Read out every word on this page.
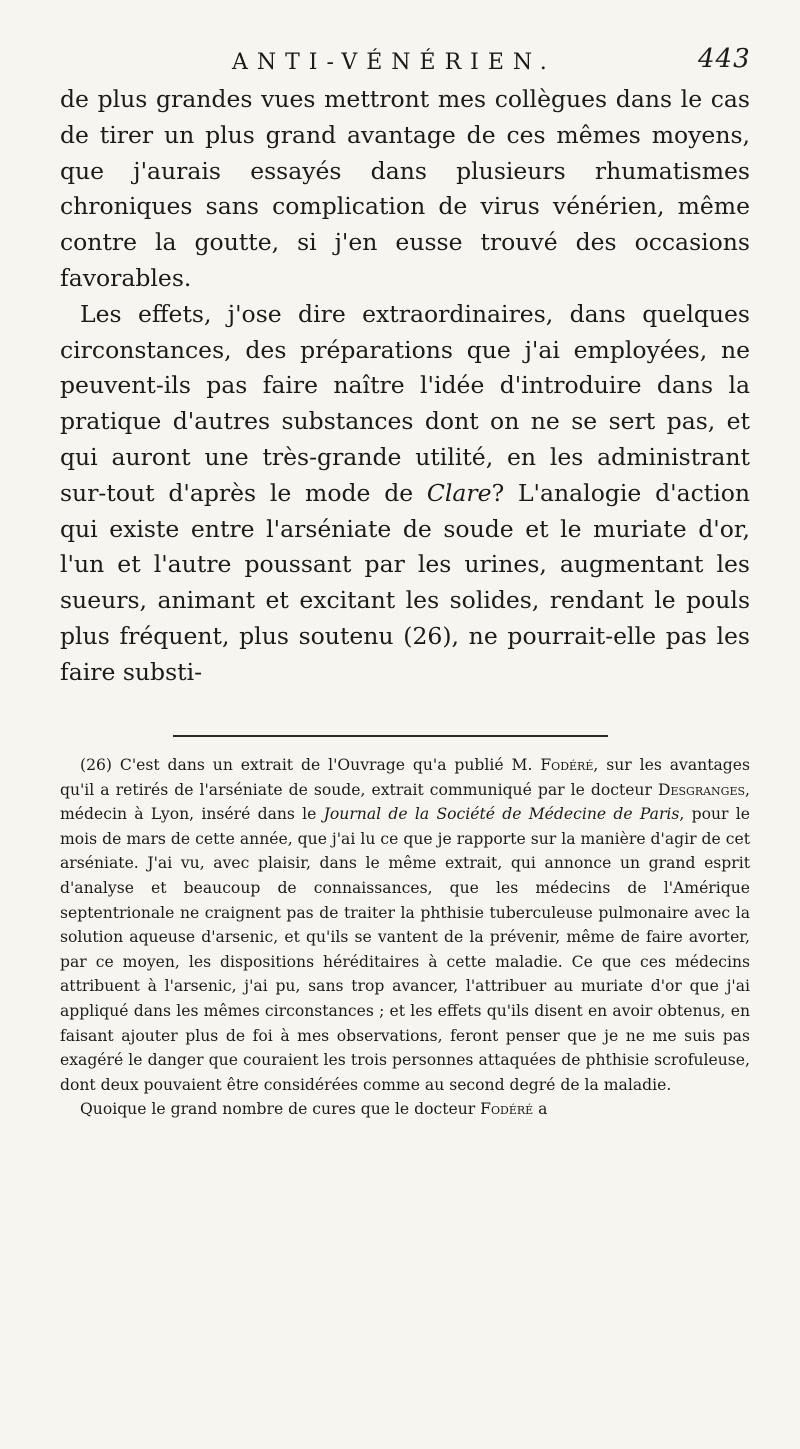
ANTI-VÉNÉRIEN.	443

de plus grandes vues mettront mes collègues dans le cas de tirer un plus grand avantage de ces mêmes moyens, que j'aurais essayés dans plusieurs rhumatismes chroniques sans complication de virus vénérien, même contre la goutte, si j'en eusse trouvé des occasions favorables.

Les effets, j'ose dire extraordinaires, dans quelques circonstances, des préparations que j'ai employées, ne peuvent-ils pas faire naître l'idée d'introduire dans la pratique d'autres substances dont on ne se sert pas, et qui auront une très-grande utilité, en les administrant sur-tout d'après le mode de Clare? L'analogie d'action qui existe entre l'arséniate de soude et le muriate d'or, l'un et l'autre poussant par les urines, augmentant les sueurs, animant et excitant les solides, rendant le pouls plus fréquent, plus soutenu (26), ne pourrait-elle pas les faire substi-

(26) C'est dans un extrait de l'Ouvrage qu'a publié M. Fodéré, sur les avantages qu'il a retirés de l'arséniate de soude, extrait communiqué par le docteur Desgranges, médecin à Lyon, inséré dans le Journal de la Société de Médecine de Paris, pour le mois de mars de cette année, que j'ai lu ce que je rapporte sur la manière d'agir de cet arséniate. J'ai vu, avec plaisir, dans le même extrait, qui annonce un grand esprit d'analyse et beaucoup de connaissances, que les médecins de l'Amérique septentrionale ne craignent pas de traiter la phthisie tuberculeuse pulmonaire avec la solution aqueuse d'arsenic, et qu'ils se vantent de la prévenir, même de faire avorter, par ce moyen, les dispositions héréditaires à cette maladie. Ce que ces médecins attribuent à l'arsenic, j'ai pu, sans trop avancer, l'attribuer au muriate d'or que j'ai appliqué dans les mêmes circonstances ; et les effets qu'ils disent en avoir obtenus, en faisant ajouter plus de foi à mes observations, feront penser que je ne me suis pas exagéré le danger que couraient les trois personnes attaquées de phthisie scrofuleuse, dont deux pouvaient être considérées comme au second degré de la maladie.

Quoique le grand nombre de cures que le docteur Fodéré a
